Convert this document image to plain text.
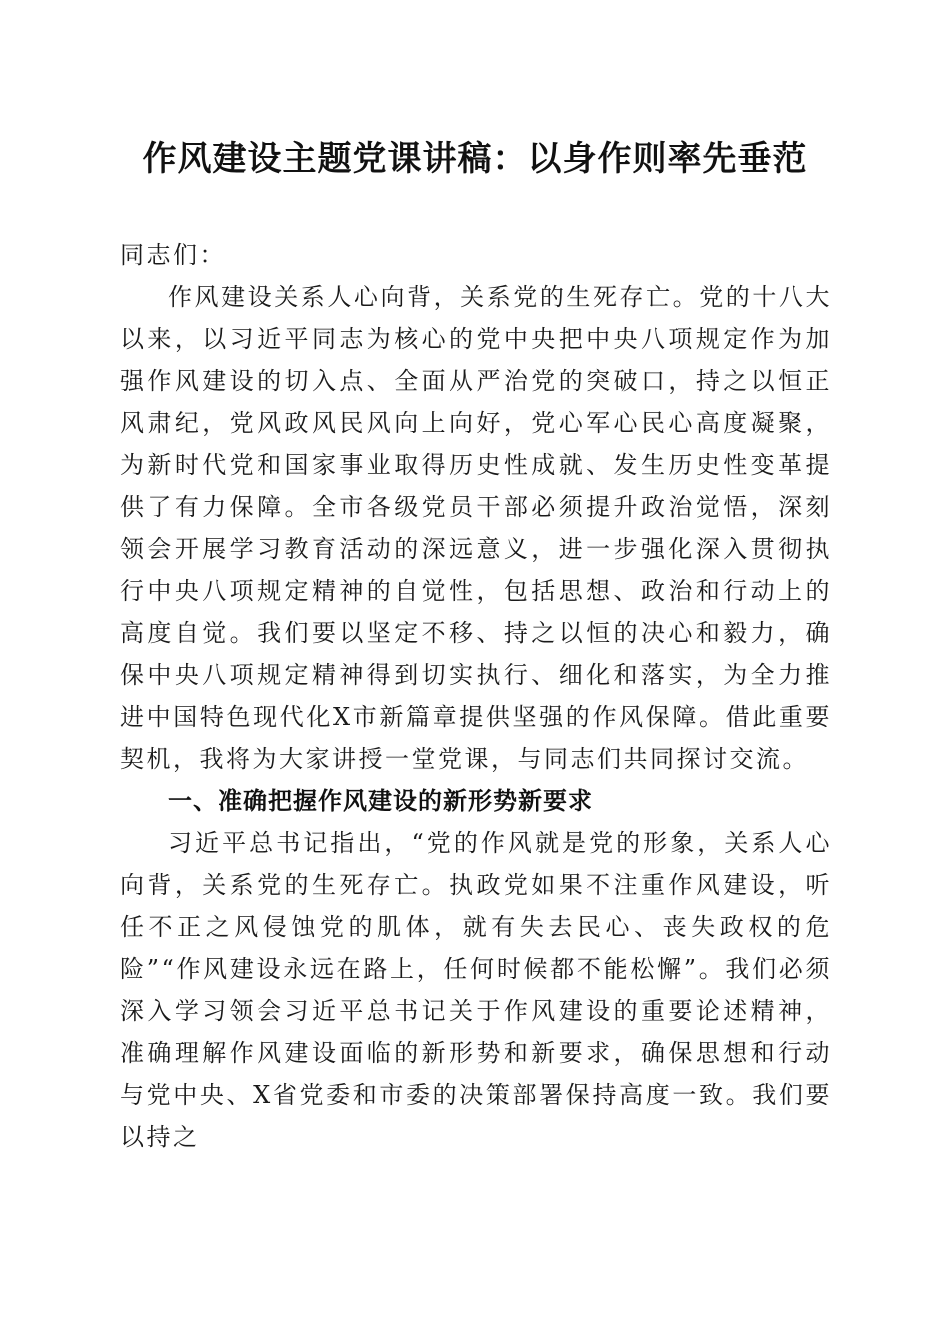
作风建设主题党课讲稿：以身作则率先垂范

同志们：

作风建设关系人心向背，关系党的生死存亡。党的十八大以来，以习近平同志为核心的党中央把中央八项规定作为加强作风建设的切入点、全面从严治党的突破口，持之以恒正风肃纪，党风政风民风向上向好，党心军心民心高度凝聚，为新时代党和国家事业取得历史性成就、发生历史性变革提供了有力保障。全市各级党员干部必须提升政治觉悟，深刻领会开展学习教育活动的深远意义，进一步强化深入贯彻执行中央八项规定精神的自觉性，包括思想、政治和行动上的高度自觉。我们要以坚定不移、持之以恒的决心和毅力，确保中央八项规定精神得到切实执行、细化和落实，为全力推进中国特色现代化X市新篇章提供坚强的作风保障。借此重要契机，我将为大家讲授一堂党课，与同志们共同探讨交流。

一、准确把握作风建设的新形势新要求

习近平总书记指出，“党的作风就是党的形象，关系人心向背，关系党的生死存亡。执政党如果不注重作风建设，听任不正之风侵蚀党的肌体，就有失去民心、丧失政权的危险”“作风建设永远在路上，任何时候都不能松懈”。我们必须深入学习领会习近平总书记关于作风建设的重要论述精神，准确理解作风建设面临的新形势和新要求，确保思想和行动与党中央、X省党委和市委的决策部署保持高度一致。我们要以持之
